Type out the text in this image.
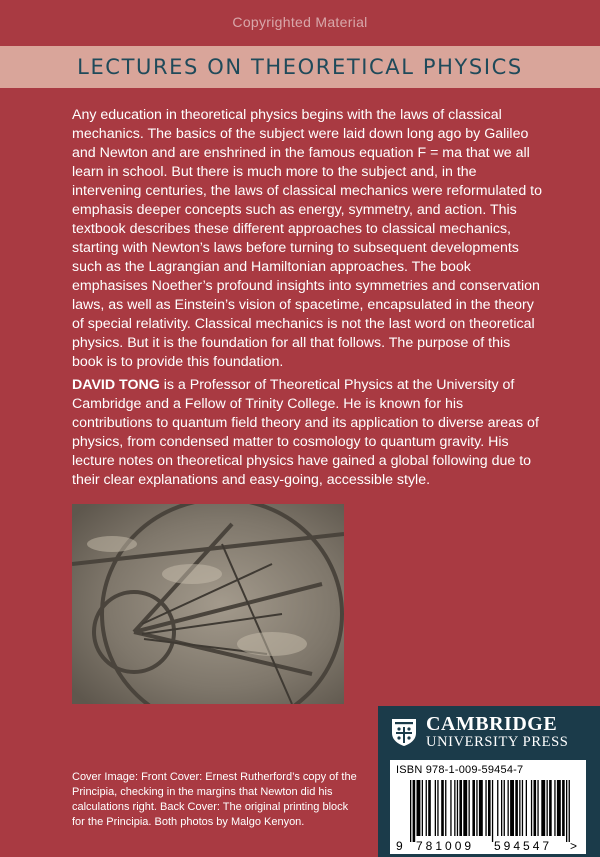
Copyrighted Material
LECTURES ON THEORETICAL PHYSICS

Any education in theoretical physics begins with the laws of classical mechanics. The basics of the subject were laid down long ago by Galileo and Newton and are enshrined in the famous equation F = ma that we all learn in school. But there is much more to the subject and, in the intervening centuries, the laws of classical mechanics were reformulated to emphasis deeper concepts such as energy, symmetry, and action. This textbook describes these different approaches to classical mechanics, starting with Newton’s laws before turning to subsequent developments such as the Lagrangian and Hamiltonian approaches. The book emphasises Noether’s profound insights into symmetries and conservation laws, as well as Einstein’s vision of spacetime, encapsulated in the theory of special relativity. Classical mechanics is not the last word on theoretical physics. But it is the foundation for all that follows. The purpose of this book is to provide this foundation.

DAVID TONG is a Professor of Theoretical Physics at the University of Cambridge and a Fellow of Trinity College. He is known for his contributions to quantum field theory and its application to diverse areas of physics, from condensed matter to cosmology to quantum gravity. His lecture notes on theoretical physics have gained a global following due to their clear explanations and easy-going, accessible style.

Cover Image: Front Cover: Ernest Rutherford’s copy of the Principia, checking in the margins that Newton did his calculations right. Back Cover: The original printing block for the Principia. Both photos by Malgo Kenyon.

CAMBRIDGE
UNIVERSITY PRESS
ISBN 978-1-009-59454-7
9 781009 594547 >
